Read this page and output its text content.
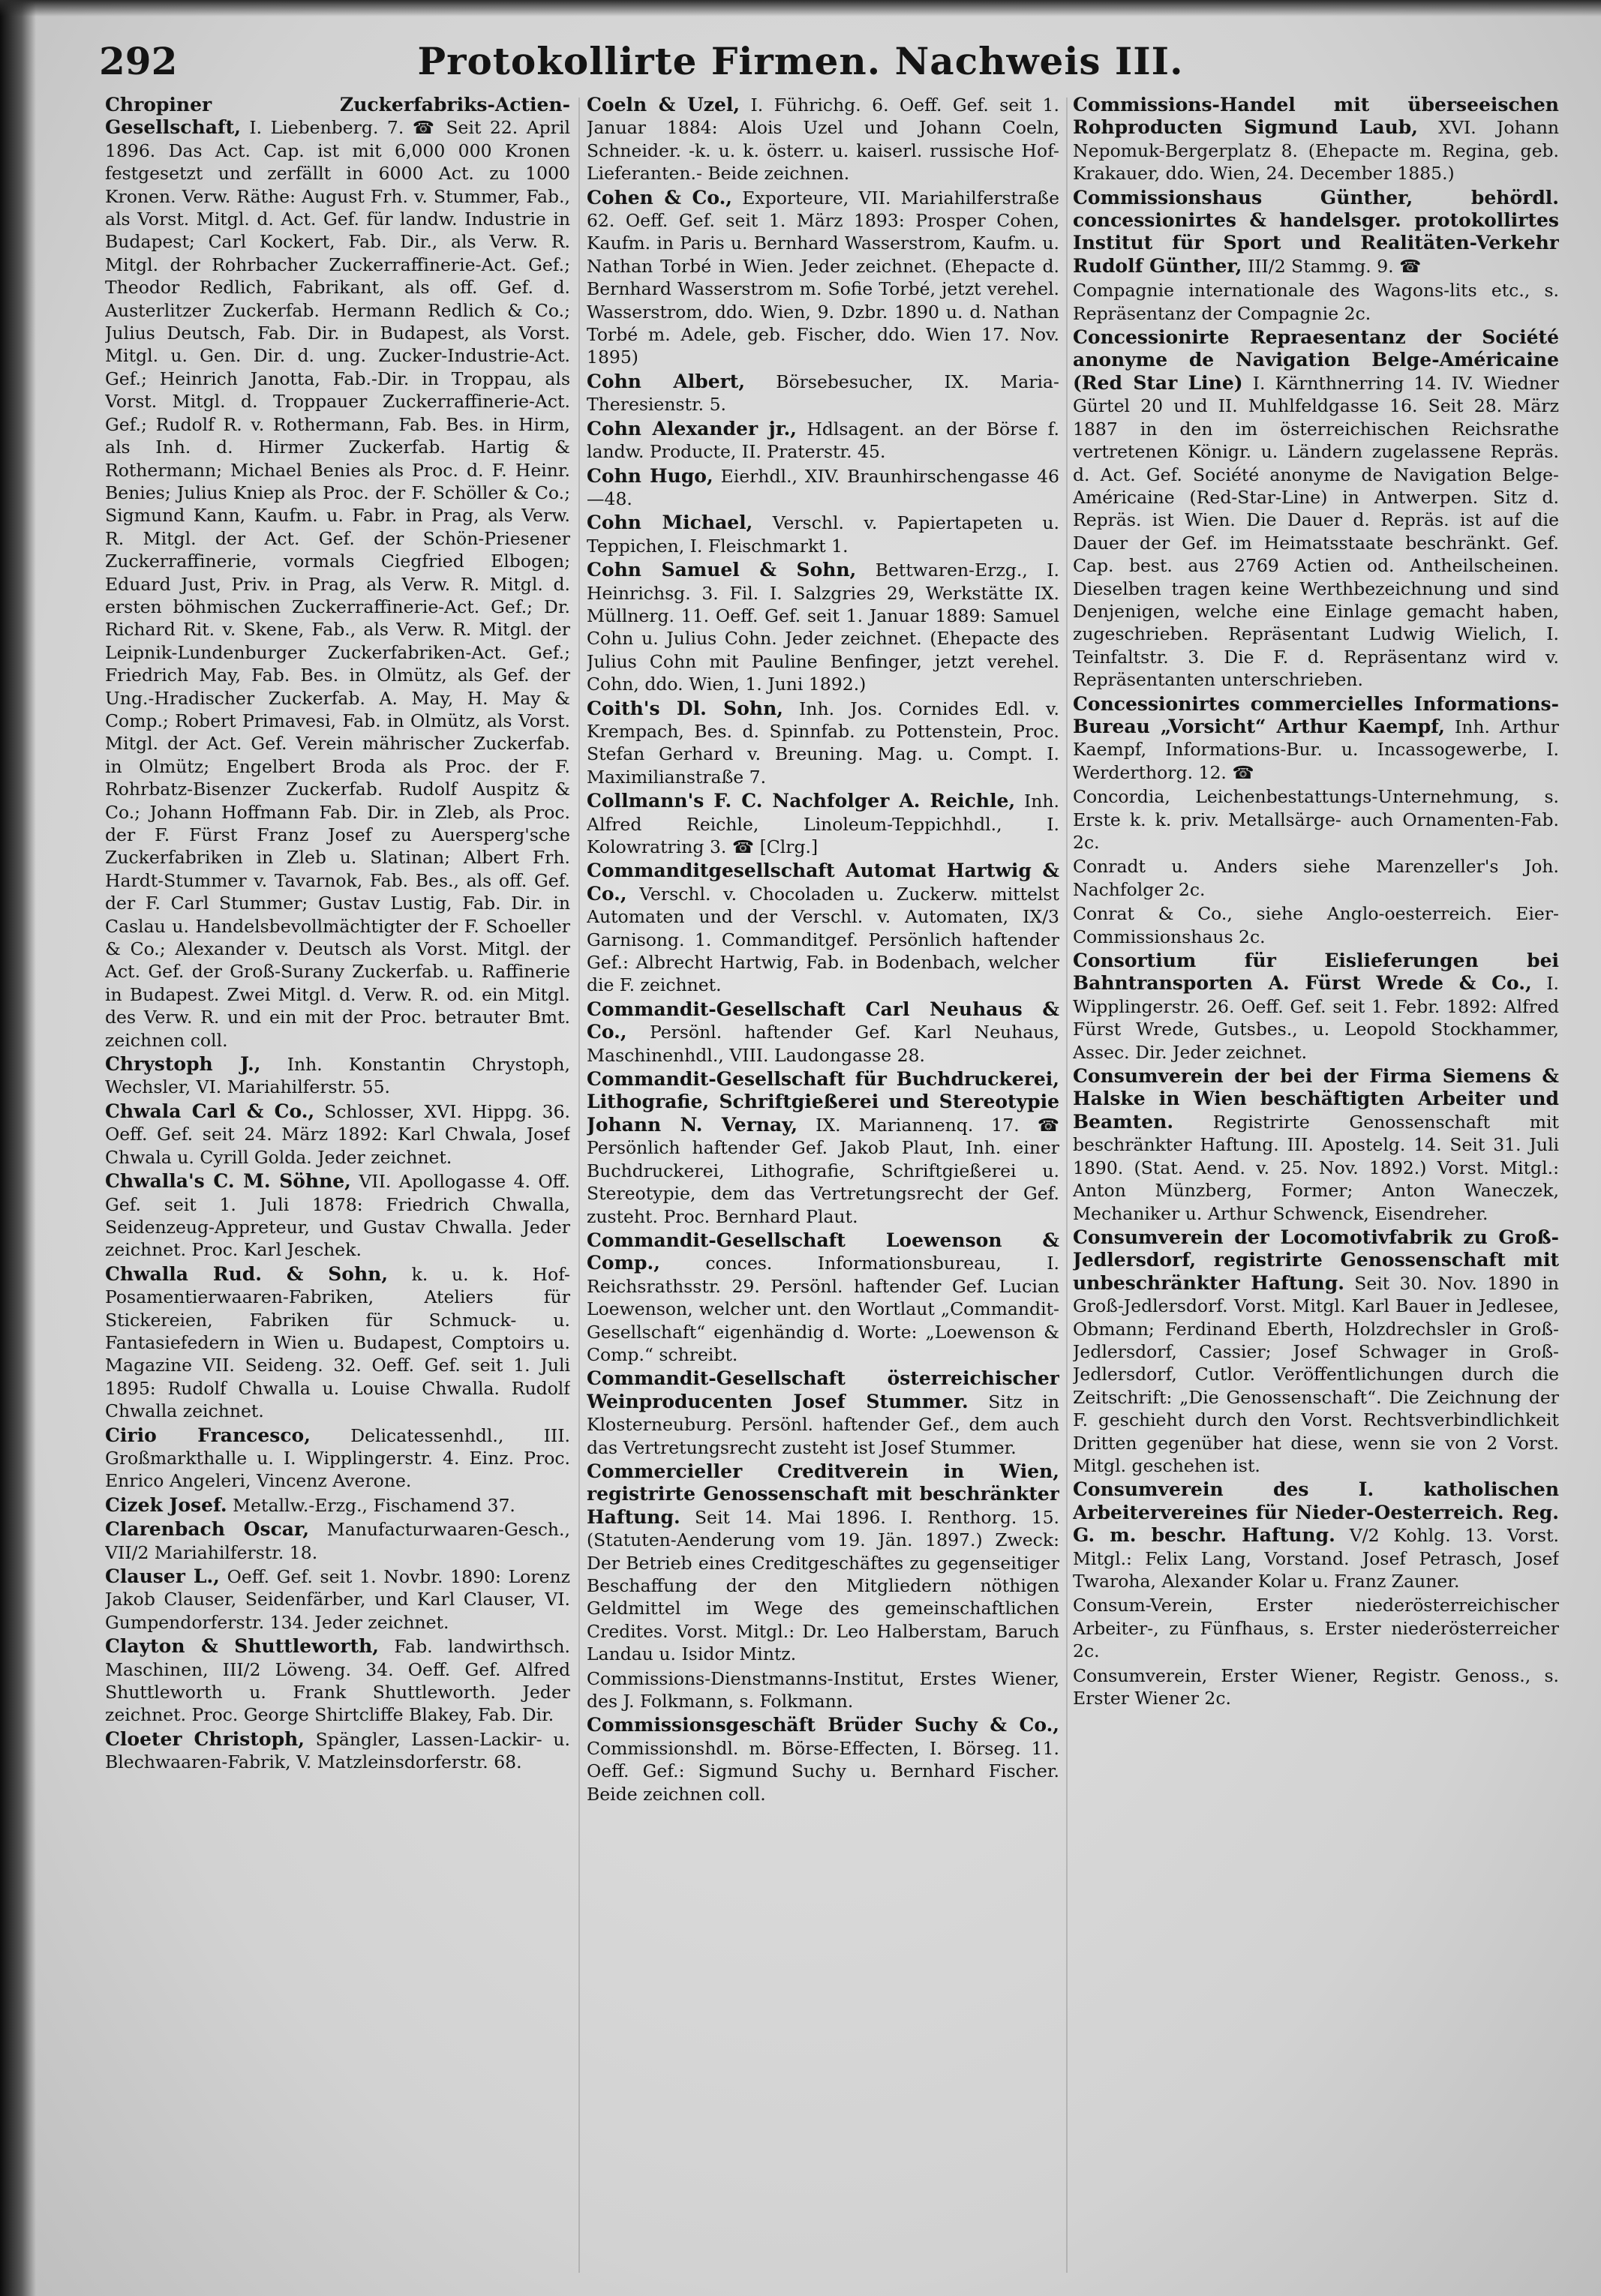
292	Protokollirte Firmen. Nachweis III.

Chropiner Zuckerfabriks-Actien-Gesellschaft, I. Liebenberg. 7. ☎ Seit 22. April 1896. Das Act. Cap. ist mit 6,000 000 Kronen festgesetzt und zerfällt in 6000 Act. zu 1000 Kronen. Verw. Räthe: August Frh. v. Stummer, Fab., als Vorst. Mitgl. d. Act. Gef. für landw. Industrie in Budapest; Carl Kockert, Fab. Dir., als Verw. R. Mitgl. der Rohrbacher Zuckerraffinerie-Act. Gef.; Theodor Redlich, Fabrikant, als off. Gef. d. Austerlitzer Zuckerfab. Hermann Redlich & Co.; Julius Deutsch, Fab. Dir. in Budapest, als Vorst. Mitgl. u. Gen. Dir. d. ung. Zucker-Industrie-Act. Gef.; Heinrich Janotta, Fab.-Dir. in Troppau, als Vorst. Mitgl. d. Troppauer Zuckerraffinerie-Act. Gef.; Rudolf R. v. Rothermann, Fab. Bes. in Hirm, als Inh. d. Hirmer Zuckerfab. Hartig & Rothermann; Michael Benies als Proc. d. F. Heinr. Benies; Julius Kniep als Proc. der F. Schöller & Co.; Sigmund Kann, Kaufm. u. Fabr. in Prag, als Verw. R. Mitgl. der Act. Gef. der Schön-Priesener Zuckerraffinerie, vormals Ciegfried Elbogen; Eduard Just, Priv. in Prag, als Verw. R. Mitgl. d. ersten böhmischen Zuckerraffinerie-Act. Gef.; Dr. Richard Rit. v. Skene, Fab., als Verw. R. Mitgl. der Leipnik-Lundenburger Zuckerfabriken-Act. Gef.; Friedrich May, Fab. Bes. in Olmütz, als Gef. der Ung.-Hradischer Zuckerfab. A. May, H. May & Comp.; Robert Primavesi, Fab. in Olmütz, als Vorst. Mitgl. der Act. Gef. Verein mährischer Zuckerfab. in Olmütz; Engelbert Broda als Proc. der F. Rohrbatz-Bisenzer Zuckerfab. Rudolf Auspitz & Co.; Johann Hoffmann Fab. Dir. in Zleb, als Proc. der F. Fürst Franz Josef zu Auersperg'sche Zuckerfabriken in Zleb u. Slatinan; Albert Frh. Hardt-Stummer v. Tavarnok, Fab. Bes., als off. Gef. der F. Carl Stummer; Gustav Lustig, Fab. Dir. in Caslau u. Handelsbevollmächtigter der F. Schoeller & Co.; Alexander v. Deutsch als Vorst. Mitgl. der Act. Gef. der Groß-Surany Zuckerfab. u. Raffinerie in Budapest. Zwei Mitgl. d. Verw. R. od. ein Mitgl. des Verw. R. und ein mit der Proc. betrauter Bmt. zeichnen coll.

Chrystoph J., Inh. Konstantin Chrystoph, Wechsler, VI. Mariahilferstr. 55.

Chwala Carl & Co., Schlosser, XVI. Hippg. 36. Oeff. Gef. seit 24. März 1892: Karl Chwala, Josef Chwala u. Cyrill Golda. Jeder zeichnet.

Chwalla's C. M. Söhne, VII. Apollogasse 4. Off. Gef. seit 1. Juli 1878: Friedrich Chwalla, Seidenzeug-Appreteur, und Gustav Chwalla. Jeder zeichnet. Proc. Karl Jeschek.

Chwalla Rud. & Sohn, k. u. k. Hof-Posamentierwaaren-Fabriken, Ateliers für Stickereien, Fabriken für Schmuck- u. Fantasiefedern in Wien u. Budapest, Comptoirs u. Magazine VII. Seideng. 32. Oeff. Gef. seit 1. Juli 1895: Rudolf Chwalla u. Louise Chwalla. Rudolf Chwalla zeichnet.

Cirio Francesco, Delicatessenhdl., III. Großmarkthalle u. I. Wipplingerstr. 4. Einz. Proc. Enrico Angeleri, Vincenz Averone.

Cizek Josef. Metallw.-Erzg., Fischamend 37.

Clarenbach Oscar, Manufacturwaaren-Gesch., VII/2 Mariahilferstr. 18.

Clauser L., Oeff. Gef. seit 1. Novbr. 1890: Lorenz Jakob Clauser, Seidenfärber, und Karl Clauser, VI. Gumpendorferstr. 134. Jeder zeichnet.

Clayton & Shuttleworth, Fab. landwirthsch. Maschinen, III/2 Löweng. 34. Oeff. Gef. Alfred Shuttleworth u. Frank Shuttleworth. Jeder zeichnet. Proc. George Shirtcliffe Blakey, Fab. Dir.

Cloeter Christoph, Spängler, Lassen-Lackir- u. Blechwaaren-Fabrik, V. Matzleinsdorferstr. 68.

Coeln & Uzel, I. Führichg. 6. Oeff. Gef. seit 1. Januar 1884: Alois Uzel und Johann Coeln, Schneider. -k. u. k. österr. u. kaiserl. russische Hof-Lieferanten.- Beide zeichnen.

Cohen & Co., Exporteure, VII. Mariahilferstraße 62. Oeff. Gef. seit 1. März 1893: Prosper Cohen, Kaufm. in Paris u. Bernhard Wasserstrom, Kaufm. u. Nathan Torbé in Wien. Jeder zeichnet. (Ehepacte d. Bernhard Wasserstrom m. Sofie Torbé, jetzt verehel. Wasserstrom, ddo. Wien, 9. Dzbr. 1890 u. d. Nathan Torbé m. Adele, geb. Fischer, ddo. Wien 17. Nov. 1895)

Cohn Albert, Börsebesucher, IX. Maria-Theresienstr. 5.

Cohn Alexander jr., Hdlsagent. an der Börse f. landw. Producte, II. Praterstr. 45.

Cohn Hugo, Eierhdl., XIV. Braunhirschengasse 46—48.

Cohn Michael, Verschl. v. Papiertapeten u. Teppichen, I. Fleischmarkt 1.

Cohn Samuel & Sohn, Bettwaren-Erzg., I. Heinrichsg. 3. Fil. I. Salzgries 29, Werkstätte IX. Müllnerg. 11. Oeff. Gef. seit 1. Januar 1889: Samuel Cohn u. Julius Cohn. Jeder zeichnet. (Ehepacte des Julius Cohn mit Pauline Benfinger, jetzt verehel. Cohn, ddo. Wien, 1. Juni 1892.)

Coith's Dl. Sohn, Inh. Jos. Cornides Edl. v. Krempach, Bes. d. Spinnfab. zu Pottenstein, Proc. Stefan Gerhard v. Breuning. Mag. u. Compt. I. Maximilianstraße 7.

Collmann's F. C. Nachfolger A. Reichle, Inh. Alfred Reichle, Linoleum-Teppichhdl., I. Kolowratring 3. ☎ [Clrg.]

Commanditgesellschaft Automat Hartwig & Co., Verschl. v. Chocoladen u. Zuckerw. mittelst Automaten und der Verschl. v. Automaten, IX/3 Garnisong. 1. Commanditgef. Persönlich haftender Gef.: Albrecht Hartwig, Fab. in Bodenbach, welcher die F. zeichnet.

Commandit-Gesellschaft Carl Neuhaus & Co., Persönl. haftender Gef. Karl Neuhaus, Maschinenhdl., VIII. Laudongasse 28.

Commandit-Gesellschaft für Buchdruckerei, Lithografie, Schriftgießerei und Stereotypie Johann N. Vernay, IX. Mariannenq. 17. ☎ Persönlich haftender Gef. Jakob Plaut, Inh. einer Buchdruckerei, Lithografie, Schriftgießerei u. Stereotypie, dem das Vertretungsrecht der Gef. zusteht. Proc. Bernhard Plaut.

Commandit-Gesellschaft Loewenson & Comp.,	conces. Informationsbureau, I. Reichsrathsstr. 29. Persönl. haftender Gef. Lucian Loewenson, welcher unt. den Wortlaut „Commandit-Gesellschaft“ eigenhändig d. Worte: „Loewenson & Comp.“ schreibt.

Commandit-Gesellschaft österreichischer Weinproducenten Josef Stummer. Sitz in Klosterneuburg. Persönl. haftender Gef., dem auch das Vertretungsrecht zusteht ist Josef Stummer.

Commercieller Creditverein in Wien, registrirte Genossenschaft mit beschränkter Haftung. Seit 14. Mai 1896. I. Renthorg. 15. (Statuten-Aenderung vom 19. Jän. 1897.) Zweck: Der Betrieb eines Creditgeschäftes zu gegenseitiger Beschaffung der den Mitgliedern nöthigen Geldmittel im Wege des gemeinschaftlichen Credites. Vorst. Mitgl.: Dr. Leo Halberstam, Baruch Landau u. Isidor Mintz.

Commissions-Dienstmanns-Institut, Erstes Wiener, des J. Folkmann, s. Folkmann.

Commissionsgeschäft Brüder Suchy & Co., Commissionshdl. m. Börse-Effecten, I. Börseg. 11. Oeff. Gef.: Sigmund Suchy u. Bernhard Fischer. Beide zeichnen coll.

Commissions-Handel mit überseeischen Rohproducten Sigmund Laub, XVI. Johann Nepomuk-Bergerplatz 8. (Ehepacte m. Regina, geb. Krakauer, ddo. Wien, 24. December 1885.)

Commissionshaus Günther, behördl. concessionirtes & handelsger. protokollirtes Institut für Sport und Realitäten-Verkehr Rudolf Günther, III/2 Stammg. 9. ☎

Compagnie internationale des Wagons-lits etc., s. Repräsentanz der Compagnie 2c.

Concessionirte Repraesentanz der Société anonyme de Navigation Belge-Américaine (Red Star Line) I. Kärnthnerring 14. IV. Wiedner Gürtel 20 und II. Muhlfeldgasse 16. Seit 28. März 1887 in den im österreichischen Reichsrathe vertretenen Königr. u. Ländern zugelassene Repräs. d. Act. Gef. Société anonyme de Navigation Belge-Américaine (Red-Star-Line) in Antwerpen. Sitz d. Repräs. ist Wien. Die Dauer d. Repräs. ist auf die Dauer der Gef. im Heimatsstaate beschränkt. Gef. Cap. best. aus 2769 Actien od. Antheilscheinen. Dieselben tragen keine Werthbezeichnung und sind Denjenigen, welche eine Einlage gemacht haben, zugeschrieben. Repräsentant Ludwig Wielich, I. Teinfaltstr. 3. Die F. d. Repräsentanz wird v. Repräsentanten unterschrieben.

Concessionirtes commercielles Informations-Bureau „Vorsicht“ Arthur Kaempf, Inh. Arthur Kaempf, Informations-Bur. u. Incassogewerbe, I. Werderthorg. 12. ☎

Concordia, Leichenbestattungs-Unternehmung, s. Erste k. k. priv. Metallsärge- auch Ornamenten-Fab. 2c.

Conradt u. Anders siehe Marenzeller's Joh. Nachfolger 2c.

Conrat & Co., siehe Anglo-oesterreich. Eier-Commissionshaus 2c.

Consortium für Eislieferungen bei Bahntransporten A. Fürst Wrede & Co., I. Wipplingerstr. 26. Oeff. Gef. seit 1. Febr. 1892: Alfred Fürst Wrede, Gutsbes., u. Leopold Stockhammer, Assec. Dir. Jeder zeichnet.

Consumverein der bei der Firma Siemens & Halske in Wien beschäftigten Arbeiter und Beamten. Registrirte Genossenschaft mit beschränkter Haftung. III. Apostelg. 14. Seit 31. Juli 1890. (Stat. Aend. v. 25. Nov. 1892.) Vorst. Mitgl.: Anton Münzberg, Former; Anton Waneczek, Mechaniker u. Arthur Schwenck, Eisendreher.

Consumverein der Locomotivfabrik zu Groß-Jedlersdorf, registrirte Genossenschaft mit unbeschränkter Haftung. Seit 30. Nov. 1890 in Groß-Jedlersdorf. Vorst. Mitgl. Karl Bauer in Jedlesee, Obmann; Ferdinand Eberth, Holzdrechsler in Groß-Jedlersdorf, Cassier; Josef Schwager in Groß-Jedlersdorf, Cutlor. Veröffentlichungen durch die Zeitschrift: „Die Genossenschaft“. Die Zeichnung der F. geschieht durch den Vorst. Rechtsverbindlichkeit Dritten gegenüber hat diese, wenn sie von 2 Vorst. Mitgl. geschehen ist.

Consumverein des I. katholischen Arbeitervereines für Nieder-Oesterreich. Reg. G. m. beschr. Haftung. V/2 Kohlg. 13. Vorst. Mitgl.: Felix Lang, Vorstand. Josef Petrasch, Josef Twaroha, Alexander Kolar u. Franz Zauner.

Consum-Verein, Erster niederösterreichischer Arbeiter-, zu Fünfhaus, s. Erster niederösterreicher 2c.

Consumverein, Erster Wiener, Registr. Genoss., s. Erster Wiener 2c.
